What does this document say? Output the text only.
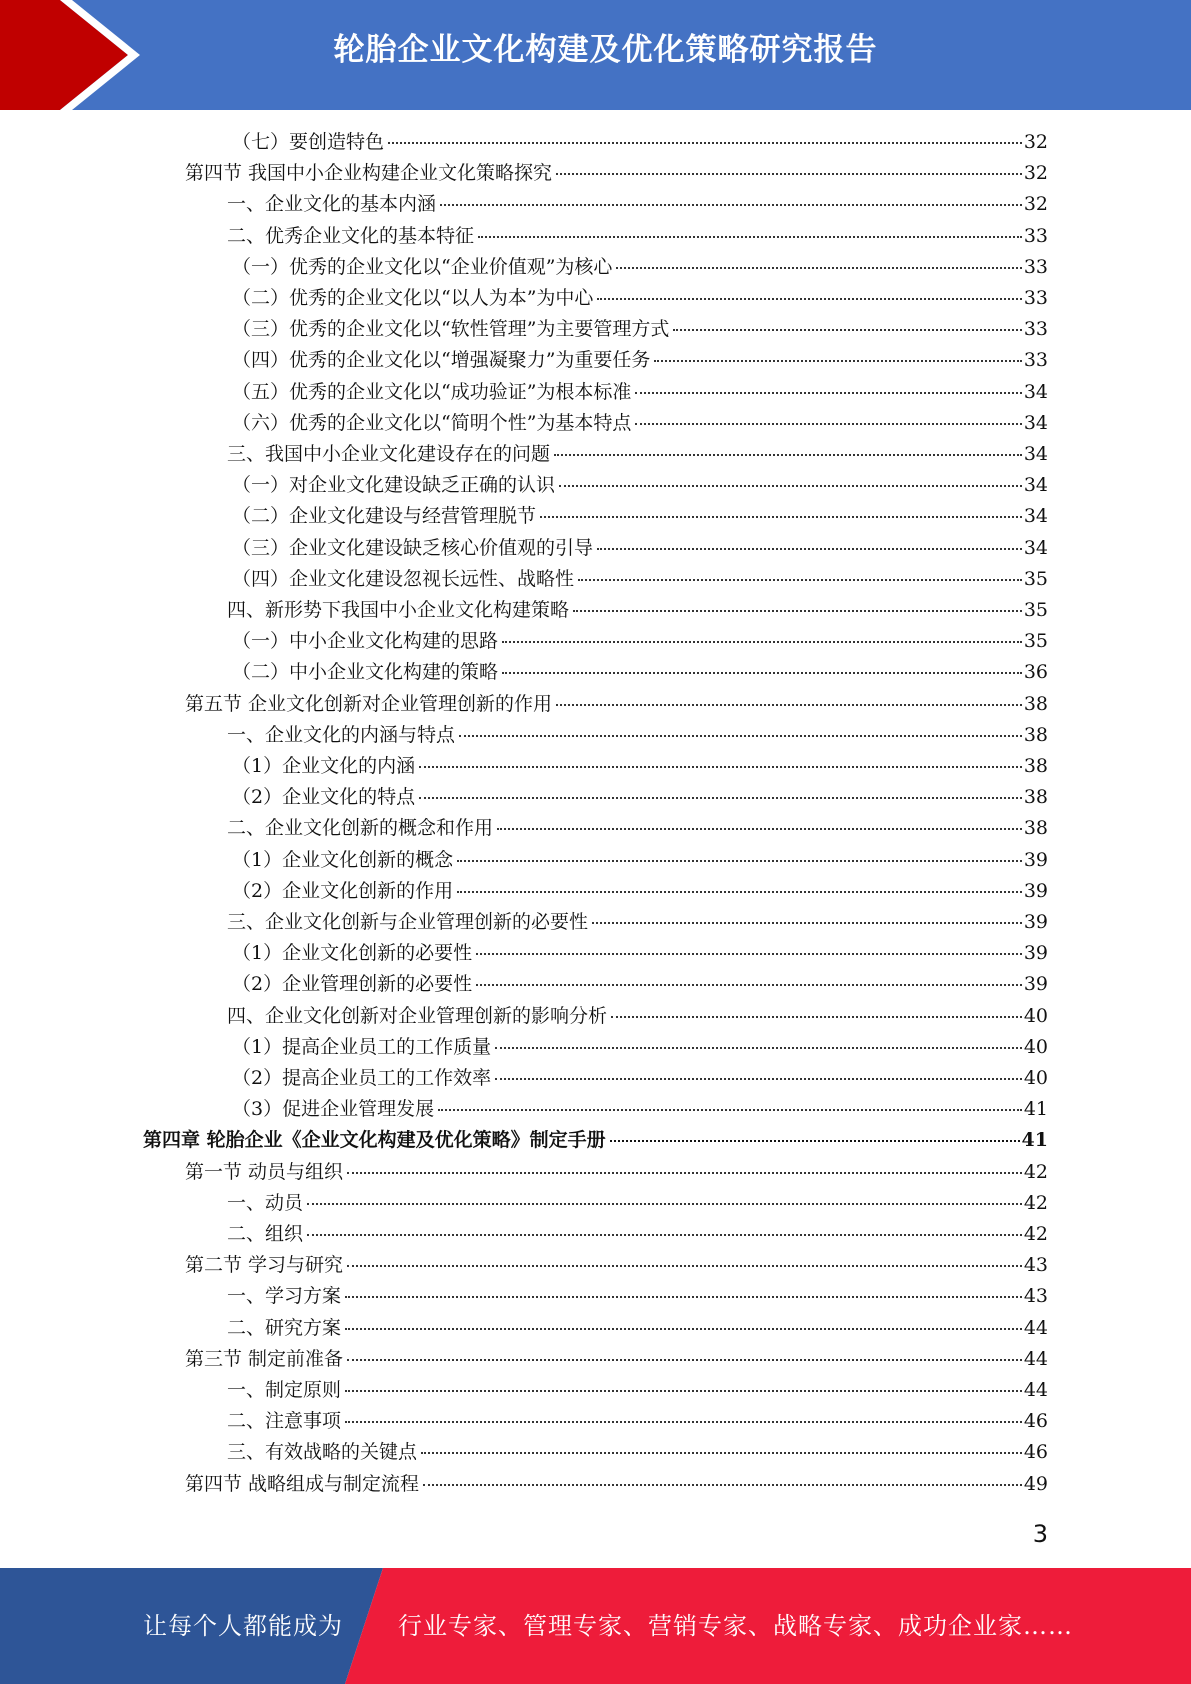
轮胎企业文化构建及优化策略研究报告
（七）要创造特色	32
第四节 我国中小企业构建企业文化策略探究	32
一、企业文化的基本内涵	32
二、优秀企业文化的基本特征	33
（一）优秀的企业文化以“企业价值观”为核心	33
（二）优秀的企业文化以“以人为本”为中心	33
（三）优秀的企业文化以“软性管理”为主要管理方式	33
（四）优秀的企业文化以“增强凝聚力”为重要任务	33
（五）优秀的企业文化以“成功验证”为根本标准	34
（六）优秀的企业文化以“简明个性”为基本特点	34
三、我国中小企业文化建设存在的问题	34
（一）对企业文化建设缺乏正确的认识	34
（二）企业文化建设与经营管理脱节	34
（三）企业文化建设缺乏核心价值观的引导	34
（四）企业文化建设忽视长远性、战略性	35
四、新形势下我国中小企业文化构建策略	35
（一）中小企业文化构建的思路	35
（二）中小企业文化构建的策略	36
第五节 企业文化创新对企业管理创新的作用	38
一、企业文化的内涵与特点	38
（1）企业文化的内涵	38
（2）企业文化的特点	38
二、企业文化创新的概念和作用	38
（1）企业文化创新的概念	39
（2）企业文化创新的作用	39
三、企业文化创新与企业管理创新的必要性	39
（1）企业文化创新的必要性	39
（2）企业管理创新的必要性	39
四、企业文化创新对企业管理创新的影响分析	40
（1）提高企业员工的工作质量	40
（2）提高企业员工的工作效率	40
（3）促进企业管理发展	41
第四章 轮胎企业《企业文化构建及优化策略》制定手册	41
第一节 动员与组织	42
一、动员	42
二、组织	42
第二节 学习与研究	43
一、学习方案	43
二、研究方案	44
第三节 制定前准备	44
一、制定原则	44
二、注意事项	46
三、有效战略的关键点	46
第四节 战略组成与制定流程	49
3
让每个人都能成为 行业专家、管理专家、营销专家、战略专家、成功企业家……
